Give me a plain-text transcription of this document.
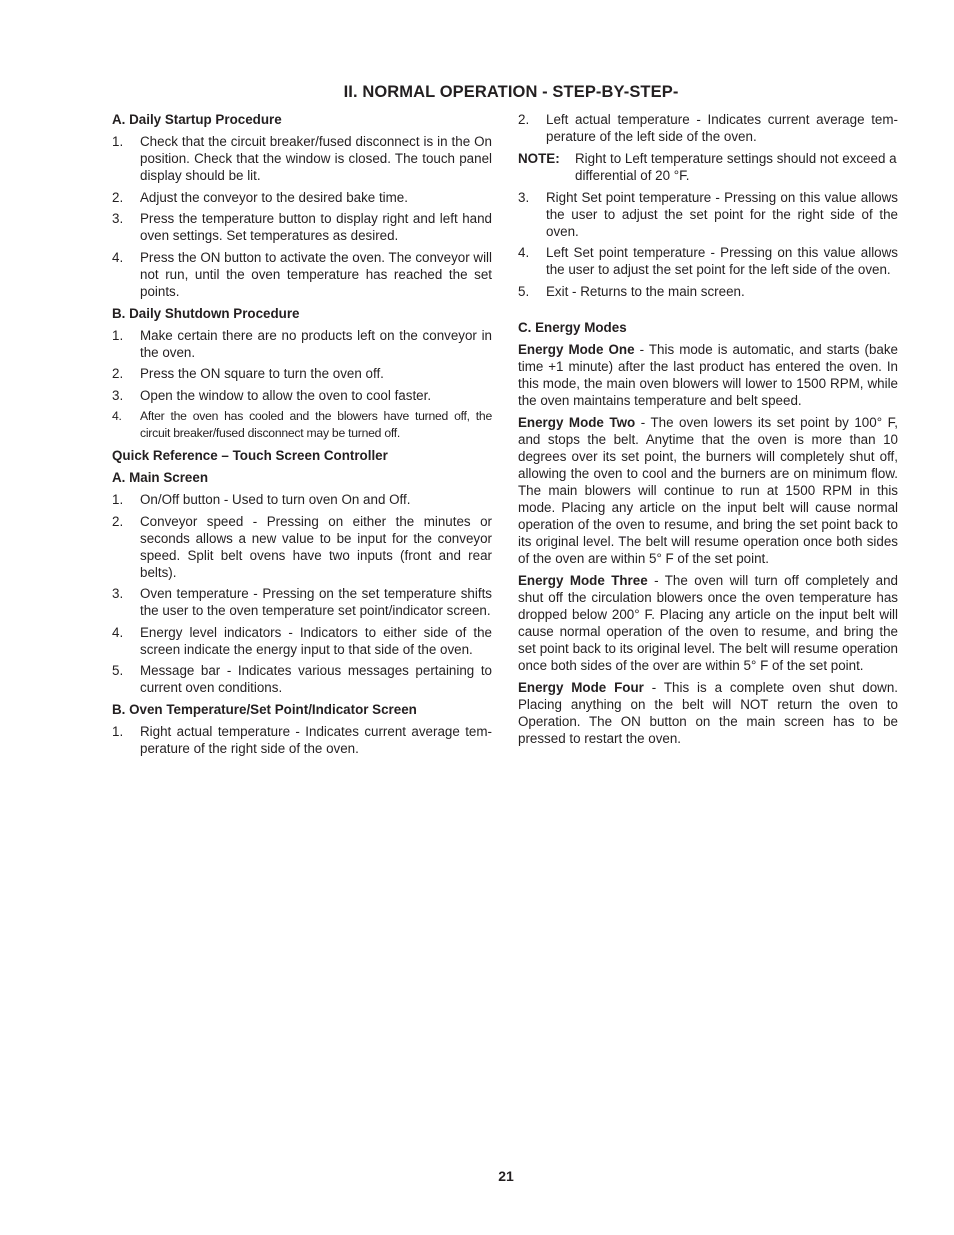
II. NORMAL OPERATION - STEP-BY-STEP-
A. Daily Startup Procedure
1. Check that the circuit breaker/fused disconnect is in the On position. Check that the window is closed. The touch panel display should be lit.
2. Adjust the conveyor to the desired bake time.
3. Press the temperature button to display right and left hand oven settings. Set temperatures as desired.
4. Press the ON button to activate the oven. The conveyor will not run, until the oven temperature has reached the set points.
B. Daily Shutdown Procedure
1. Make certain there are no products left on the conveyor in the oven.
2. Press the ON square to turn the oven off.
3. Open the window to allow the oven to cool faster.
4. After the oven has cooled and the blowers have turned off, the circuit breaker/fused disconnect may be turned off.
Quick Reference – Touch Screen Controller
A. Main Screen
1. On/Off button - Used to turn oven On and Off.
2. Conveyor speed - Pressing on either the minutes or seconds allows a new value to be input for the conveyor speed. Split belt ovens have two inputs (front and rear belts).
3. Oven temperature - Pressing on the set temperature shifts the user to the oven temperature set point/indicator screen.
4. Energy level indicators - Indicators to either side of the screen indicate the energy input to that side of the oven.
5. Message bar - Indicates various messages pertaining to current oven conditions.
B. Oven Temperature/Set Point/Indicator Screen
1. Right actual temperature - Indicates current average tem- perature of the right side of the oven.
2. Left actual temperature - Indicates current average tem- perature of the left side of the oven.
NOTE: Right to Left temperature settings should not exceed a differential of 20 °F.
3. Right Set point temperature - Pressing on this value allows the user to adjust the set point for the right side of the oven.
4. Left Set point temperature - Pressing on this value allows the user to adjust the set point for the left side of the oven.
5. Exit - Returns to the main screen.
C. Energy Modes

Energy Mode One - This mode is automatic, and starts (bake time +1 minute) after the last product has entered the oven. In this mode, the main oven blowers will lower to 1500 RPM, while the oven maintains temperature and belt speed.

Energy Mode Two - The oven lowers its set point by 100° F, and stops the belt. Anytime that the oven is more than 10 degrees over its set point, the burners will completely shut off, allowing the oven to cool and the burners are on minimum flow. The main blowers will continue to run at 1500 RPM in this mode. Placing any article on the input belt will cause normal operation of the oven to resume, and bring the set point back to its original level. The belt will resume operation once both sides of the oven are within 5° F of the set point.

Energy Mode Three - The oven will turn off completely and shut off the circulation blowers once the oven temperature has dropped below 200° F. Placing any article on the input belt will cause normal operation of the oven to resume, and bring the set point back to its original level. The belt will resume operation once both sides of the over are within 5° F of the set point.

Energy Mode Four - This is a complete oven shut down. Placing anything on the belt will NOT return the oven to Operation. The ON button on the main screen has to be pressed to restart the oven.

21
